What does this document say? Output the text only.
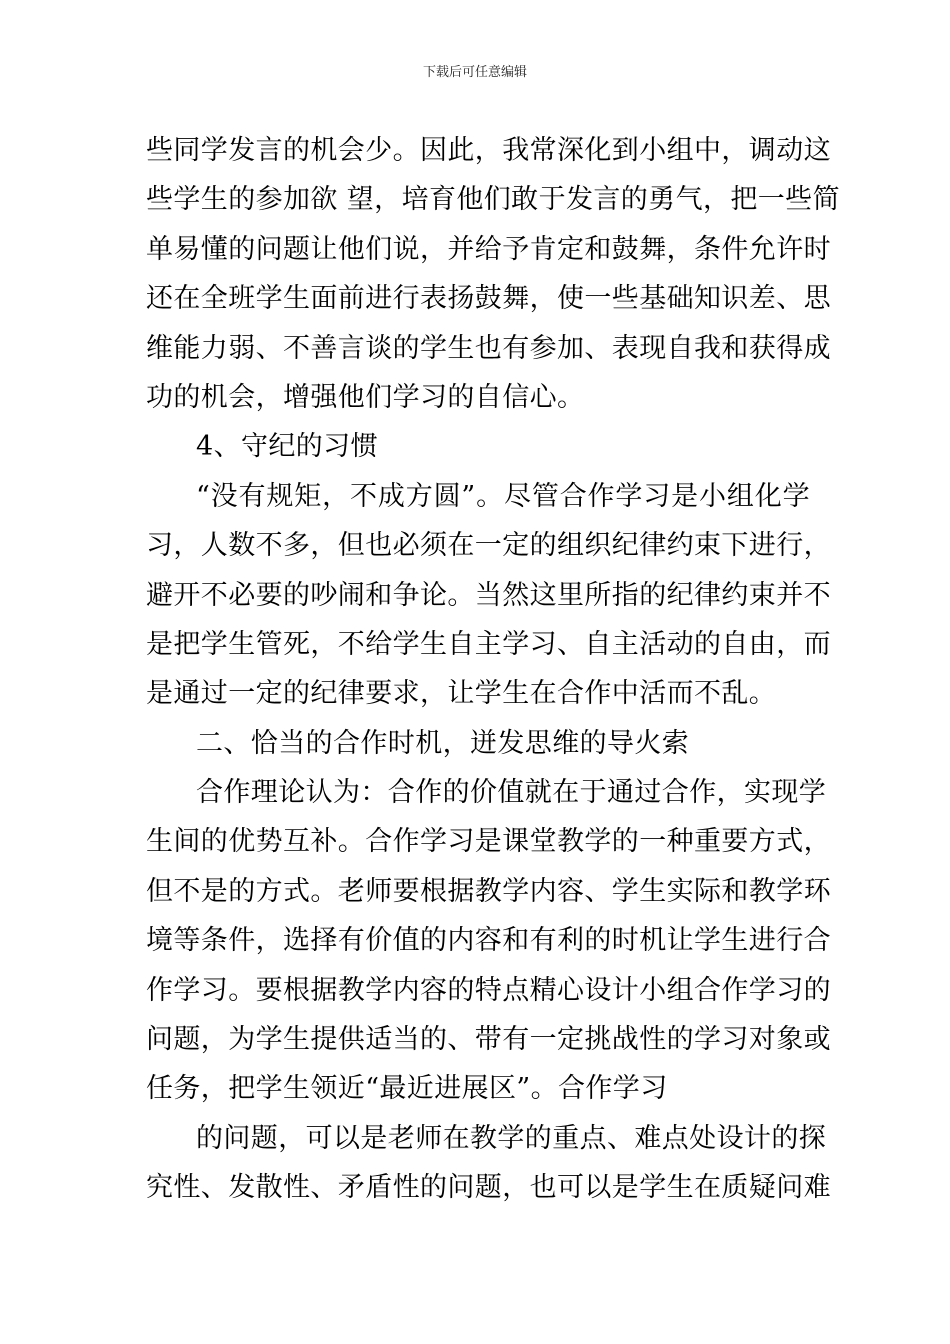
下载后可任意编辑
些同学发言的机会少。因此，我常深化到小组中，调动这
些学生的参加欲 望，培育他们敢于发言的勇气，把一些简
单易懂的问题让他们说，并给予肯定和鼓舞，条件允许时
还在全班学生面前进行表扬鼓舞，使一些基础知识差、思
维能力弱、不善言谈的学生也有参加、表现自我和获得成
功的机会，增强他们学习的自信心。
4、守纪的习惯
“没有规矩，不成方圆”。尽管合作学习是小组化学
习，人数不多，但也必须在一定的组织纪律约束下进行，
避开不必要的吵闹和争论。当然这里所指的纪律约束并不
是把学生管死，不给学生自主学习、自主活动的自由，而
是通过一定的纪律要求，让学生在合作中活而不乱。
二、恰当的合作时机，迸发思维的导火索
合作理论认为：合作的价值就在于通过合作，实现学
生间的优势互补。合作学习是课堂教学的一种重要方式，
但不是的方式。老师要根据教学内容、学生实际和教学环
境等条件，选择有价值的内容和有利的时机让学生进行合
作学习。要根据教学内容的特点精心设计小组合作学习的
问题，为学生提供适当的、带有一定挑战性的学习对象或
任务，把学生领近“最近进展区”。合作学习
的问题，可以是老师在教学的重点、难点处设计的探
究性、发散性、矛盾性的问题，也可以是学生在质疑问难
